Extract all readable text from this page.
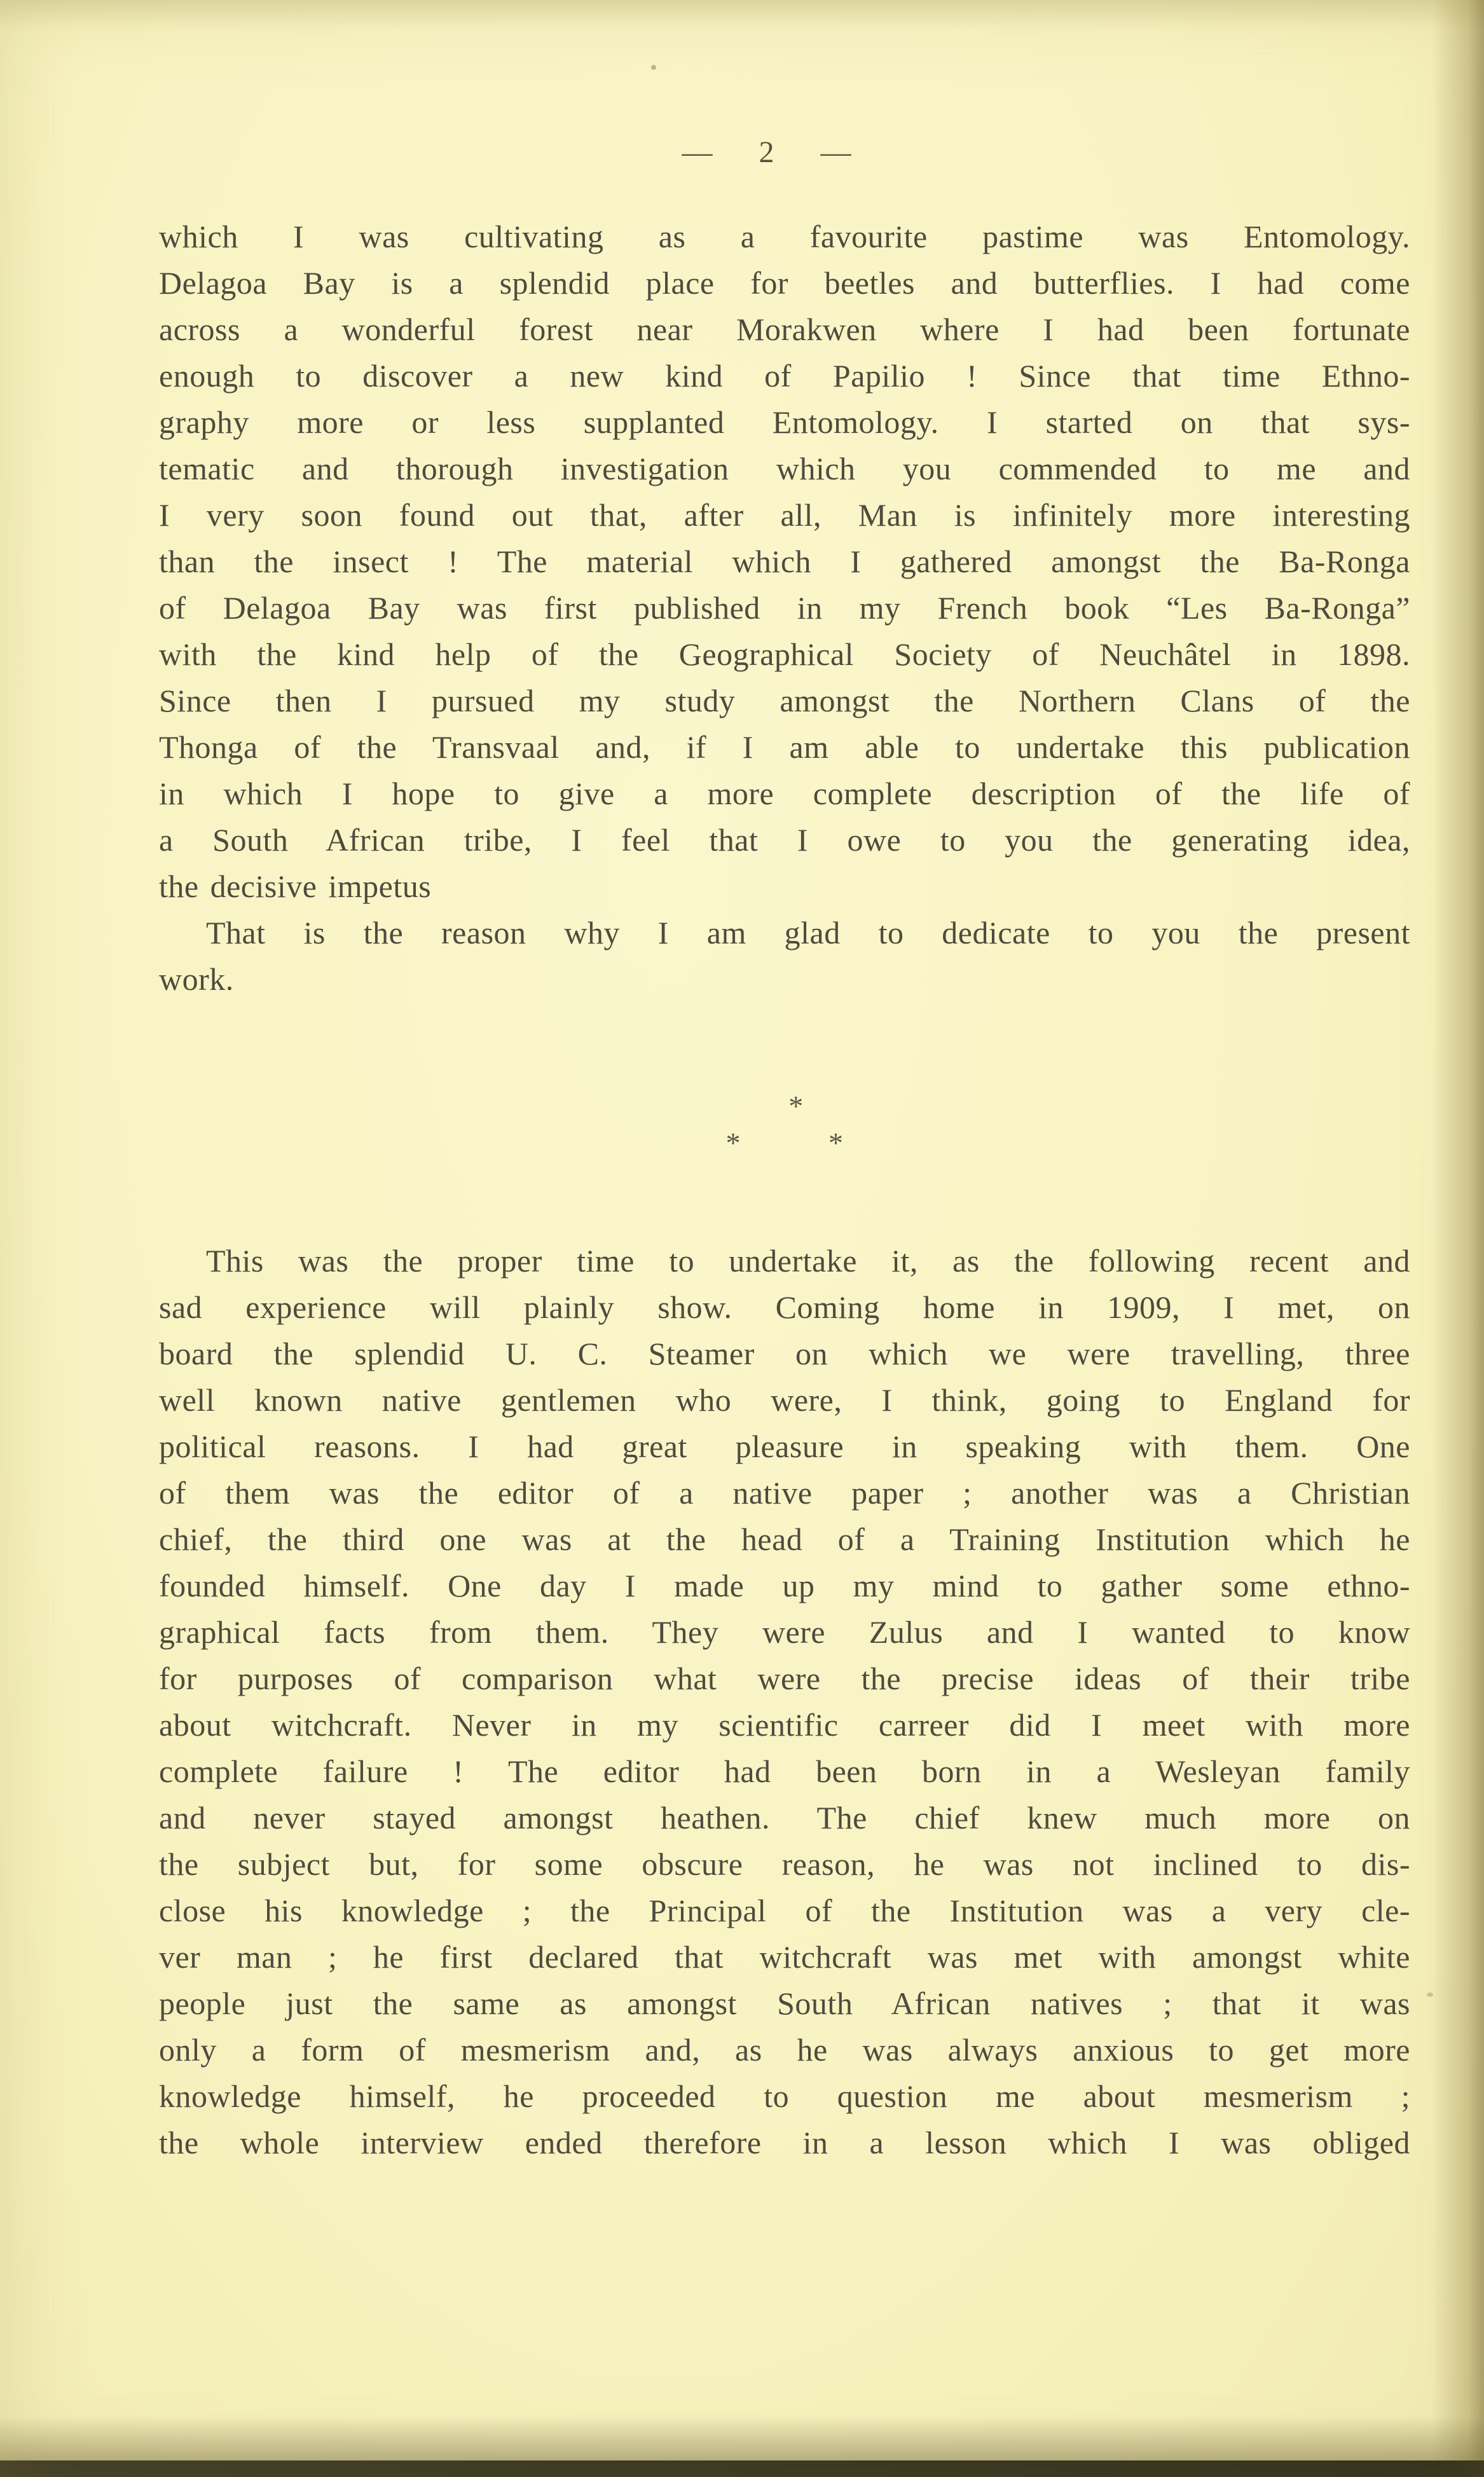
— 2 —
which I was cultivating as a favourite pastime was Entomology.
Delagoa Bay is a splendid place for beetles and butterflies. I had come
across a wonderful forest near Morakwen where I had been fortunate
enough to discover a new kind of Papilio ! Since that time Ethno-
graphy more or less supplanted Entomology. I started on that sys-
tematic and thorough investigation which you commended to me and
I very soon found out that, after all, Man is infinitely more interesting
than the insect ! The material which I gathered amongst the Ba-Ronga
of Delagoa Bay was first published in my French book “Les Ba-Ronga”
with the kind help of the Geographical Society of Neuchâtel in 1898.
Since then I pursued my study amongst the Northern Clans of the
Thonga of the Transvaal and, if I am able to undertake this publication
in which I hope to give a more complete description of the life of
a South African tribe, I feel that I owe to you the generating idea,
the decisive impetus
That is the reason why I am glad to dedicate to you the present
work.
*
*	*
This was the proper time to undertake it, as the following recent and
sad experience will plainly show. Coming home in 1909, I met, on
board the splendid U. C. Steamer on which we were travelling, three
well known native gentlemen who were, I think, going to England for
political reasons. I had great pleasure in speaking with them. One
of them was the editor of a native paper ; another was a Christian
chief, the third one was at the head of a Training Institution which he
founded himself. One day I made up my mind to gather some ethno-
graphical facts from them. They were Zulus and I wanted to know
for purposes of comparison what were the precise ideas of their tribe
about witchcraft. Never in my scientific carreer did I meet with more
complete failure ! The editor had been born in a Wesleyan family
and never stayed amongst heathen. The chief knew much more on
the subject but, for some obscure reason, he was not inclined to dis-
close his knowledge ; the Principal of the Institution was a very cle-
ver man ; he first declared that witchcraft was met with amongst white
people just the same as amongst South African natives ; that it was
only a form of mesmerism and, as he was always anxious to get more
knowledge himself, he proceeded to question me about mesmerism ;
the whole interview ended therefore in a lesson which I was obliged
